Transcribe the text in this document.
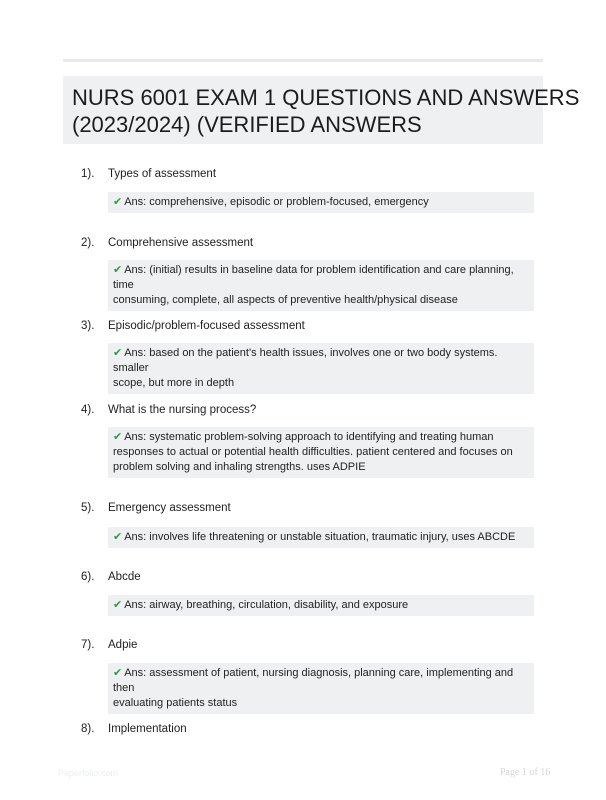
NURS 6001 EXAM 1 QUESTIONS AND ANSWERS
(2023/2024) (VERIFIED ANSWERS
1). Types of assessment
✔ Ans: comprehensive, episodic or problem-focused, emergency
2). Comprehensive assessment
✔ Ans: (initial) results in baseline data for problem identification and care planning, time
consuming, complete, all aspects of preventive health/physical disease
3). Episodic/problem-focused assessment
✔ Ans: based on the patient's health issues, involves one or two body systems. smaller
scope, but more in depth
4). What is the nursing process?
✔ Ans: systematic problem-solving approach to identifying and treating human
responses to actual or potential health difficulties. patient centered and focuses on
problem solving and inhaling strengths. uses ADPIE
5). Emergency assessment
✔ Ans: involves life threatening or unstable situation, traumatic injury, uses ABCDE
6). Abcde
✔ Ans: airway, breathing, circulation, disability, and exposure
7). Adpie
✔ Ans: assessment of patient, nursing diagnosis, planning care, implementing and then
evaluating patients status
8). Implementation
Paperfolio.com	Page 1 of 16
